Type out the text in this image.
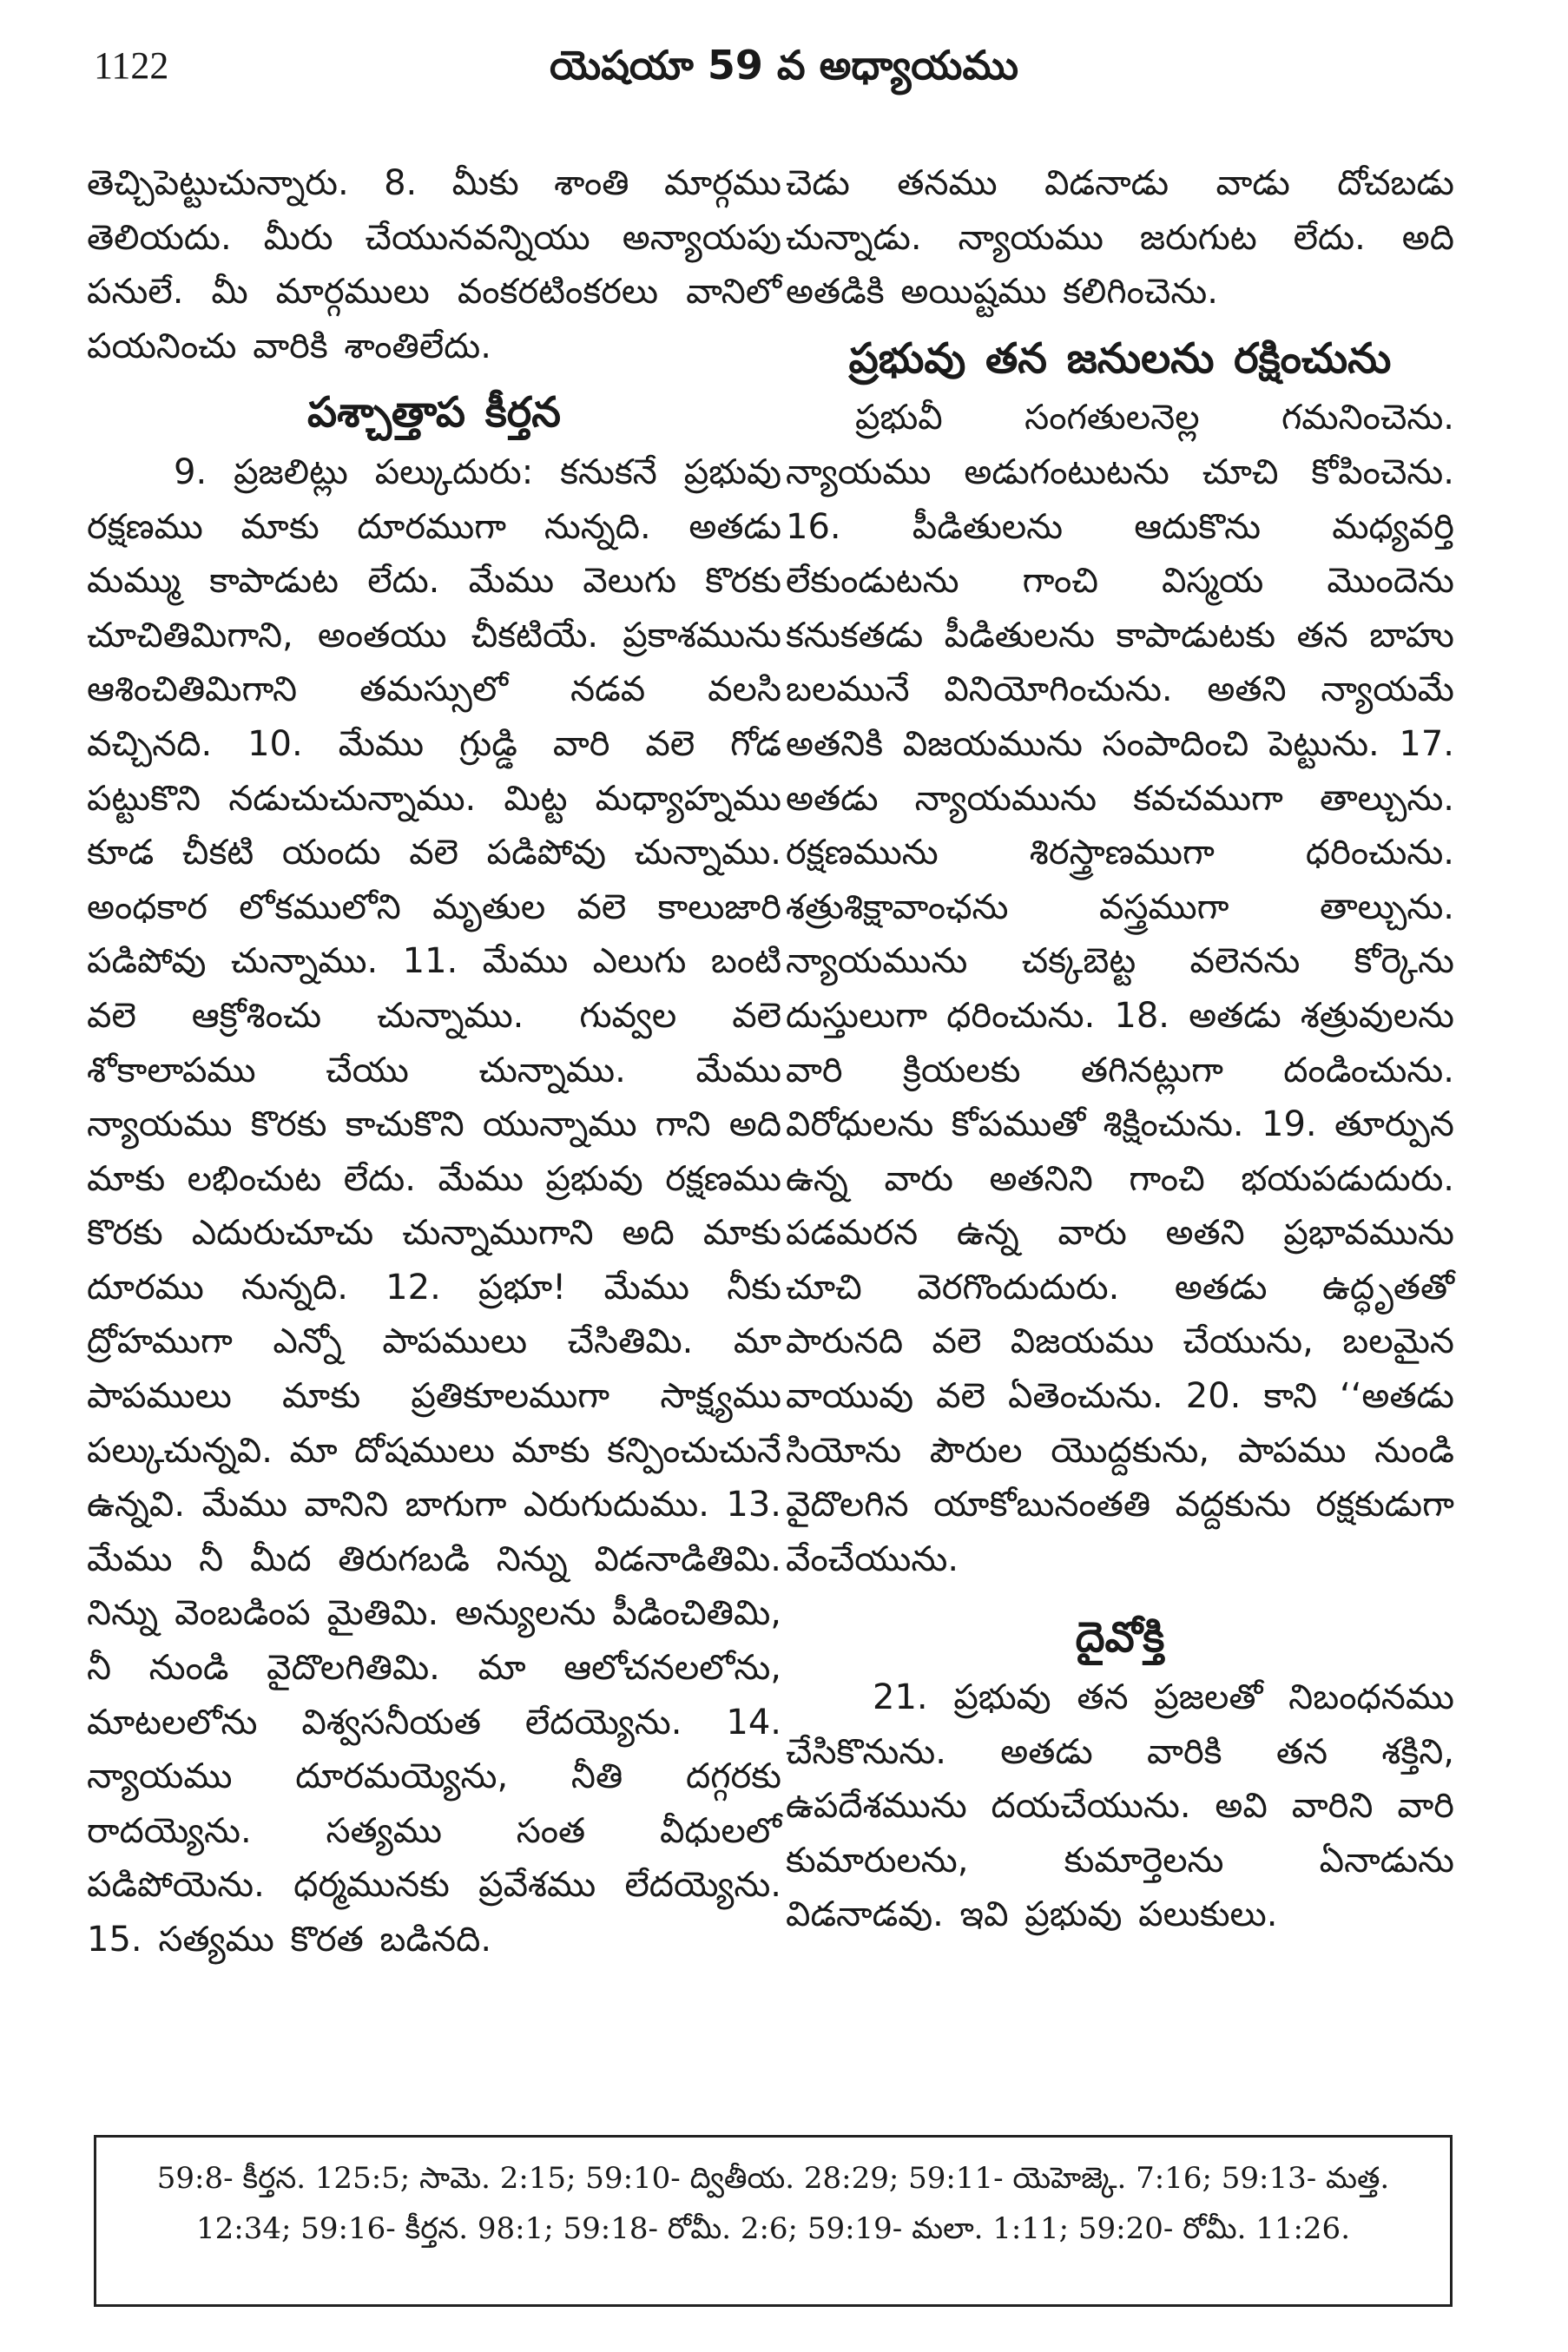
1122	యెషయా 59 వ అధ్యాయము

తెచ్చిపెట్టుచున్నారు. 8. మీకు శాంతి మార్గము తెలియదు. మీరు చేయునవన్నియు అన్యాయపు పనులే. మీ మార్గములు వంకరటింకరలు వానిలో పయనించు వారికి శాంతిలేదు.

పశ్చాత్తాప కీర్తన

9. ప్రజలిట్లు పల్కుదురు: కనుకనే ప్రభువు రక్షణము మాకు దూరముగా నున్నది. అతడు మమ్ము కాపాడుట లేదు. మేము వెలుగు కొరకు చూచితిమిగాని, అంతయు చీకటియే. ప్రకాశమును ఆశించితిమిగాని తమస్సులో నడవ వలసి వచ్చినది. 10. మేము గ్రుడ్డి వారి వలె గోడ పట్టుకొని నడుచుచున్నాము. మిట్ట మధ్యాహ్నము కూడ చీకటి యందు వలె పడిపోవు చున్నాము. అంధకార లోకములోని మృతుల వలె కాలుజారి పడిపోవు చున్నాము. 11. మేము ఎలుగు బంటి వలె ఆక్రోశించు చున్నాము. గువ్వల వలె శోకాలాపము చేయు చున్నాము. మేము న్యాయము కొరకు కాచుకొని యున్నాము గాని అది మాకు లభించుట లేదు. మేము ప్రభువు రక్షణము కొరకు ఎదురుచూచు చున్నాముగాని అది మాకు దూరము నున్నది. 12. ప్రభూ! మేము నీకు ద్రోహముగా ఎన్నో పాపములు చేసితిమి. మా పాపములు మాకు ప్రతికూలముగా సాక్ష్యము పల్కుచున్నవి. మా దోషములు మాకు కన్పించుచునే ఉన్నవి. మేము వానిని బాగుగా ఎరుగుదుము. 13. మేము నీ మీద తిరుగబడి నిన్ను విడనాడితిమి. నిన్ను వెంబడింప మైతిమి. అన్యులను పీడించితిమి, నీ నుండి వైదొలగితిమి. మా ఆలోచనలలోను, మాటలలోను విశ్వసనీయత లేదయ్యెను. 14. న్యాయము దూరమయ్యెను, నీతి దగ్గరకు రాదయ్యెను. సత్యము సంత వీధులలో పడిపోయెను. ధర్మమునకు ప్రవేశము లేదయ్యెను. 15. సత్యము కొరత బడినది.

చెడు తనము విడనాడు వాడు దోచబడు చున్నాడు. న్యాయము జరుగుట లేదు. అది అతడికి అయిష్టము కలిగించెను.

ప్రభువు తన జనులను రక్షించును

ప్రభువీ సంగతులనెల్ల గమనించెను. న్యాయము అడుగంటుటను చూచి కోపించెను. 16. పీడితులను ఆదుకొను మధ్యవర్తి లేకుండుటను గాంచి విస్మయ మొందెను కనుకతడు పీడితులను కాపాడుటకు తన బాహు బలమునే వినియోగించును. అతని న్యాయమే అతనికి విజయమును సంపాదించి పెట్టును. 17. అతడు న్యాయమును కవచముగా తాల్చును. రక్షణమును శిరస్త్రాణముగా ధరించును. శత్రుశిక్షావాంఛను వస్త్రముగా తాల్చును. న్యాయమును చక్కబెట్ట వలెనను కోర్కెను దుస్తులుగా ధరించును. 18. అతడు శత్రువులను వారి క్రియలకు తగినట్లుగా దండించును. విరోధులను కోపముతో శిక్షించును. 19. తూర్పున ఉన్న వారు అతనిని గాంచి భయపడుదురు. పడమరన ఉన్న వారు అతని ప్రభావమును చూచి వెరగొందుదురు. అతడు ఉద్ధృతతో పారునది వలె విజయము చేయును, బలమైన వాయువు వలె ఏతెంచును. 20. కాని ‘‘అతడు సియోను పౌరుల యొద్దకును, పాపము నుండి వైదొలగిన యాకోబునంతతి వద్దకును రక్షకుడుగా వేంచేయును.

దైవోక్తి

21. ప్రభువు తన ప్రజలతో నిబంధనము చేసికొనును. అతడు వారికి తన శక్తిని, ఉపదేశమును దయచేయును. అవి వారిని వారి కుమారులను, కుమార్తెలను ఏనాడును విడనాడవు. ఇవి ప్రభువు పలుకులు.

59:8- కీర్తన. 125:5; సామె. 2:15; 59:10- ద్వితీయ. 28:29; 59:11- యెహెజ్కె. 7:16; 59:13- మత్త.
12:34; 59:16- కీర్తన. 98:1; 59:18- రోమీ. 2:6; 59:19- మలా. 1:11; 59:20- రోమీ. 11:26.
